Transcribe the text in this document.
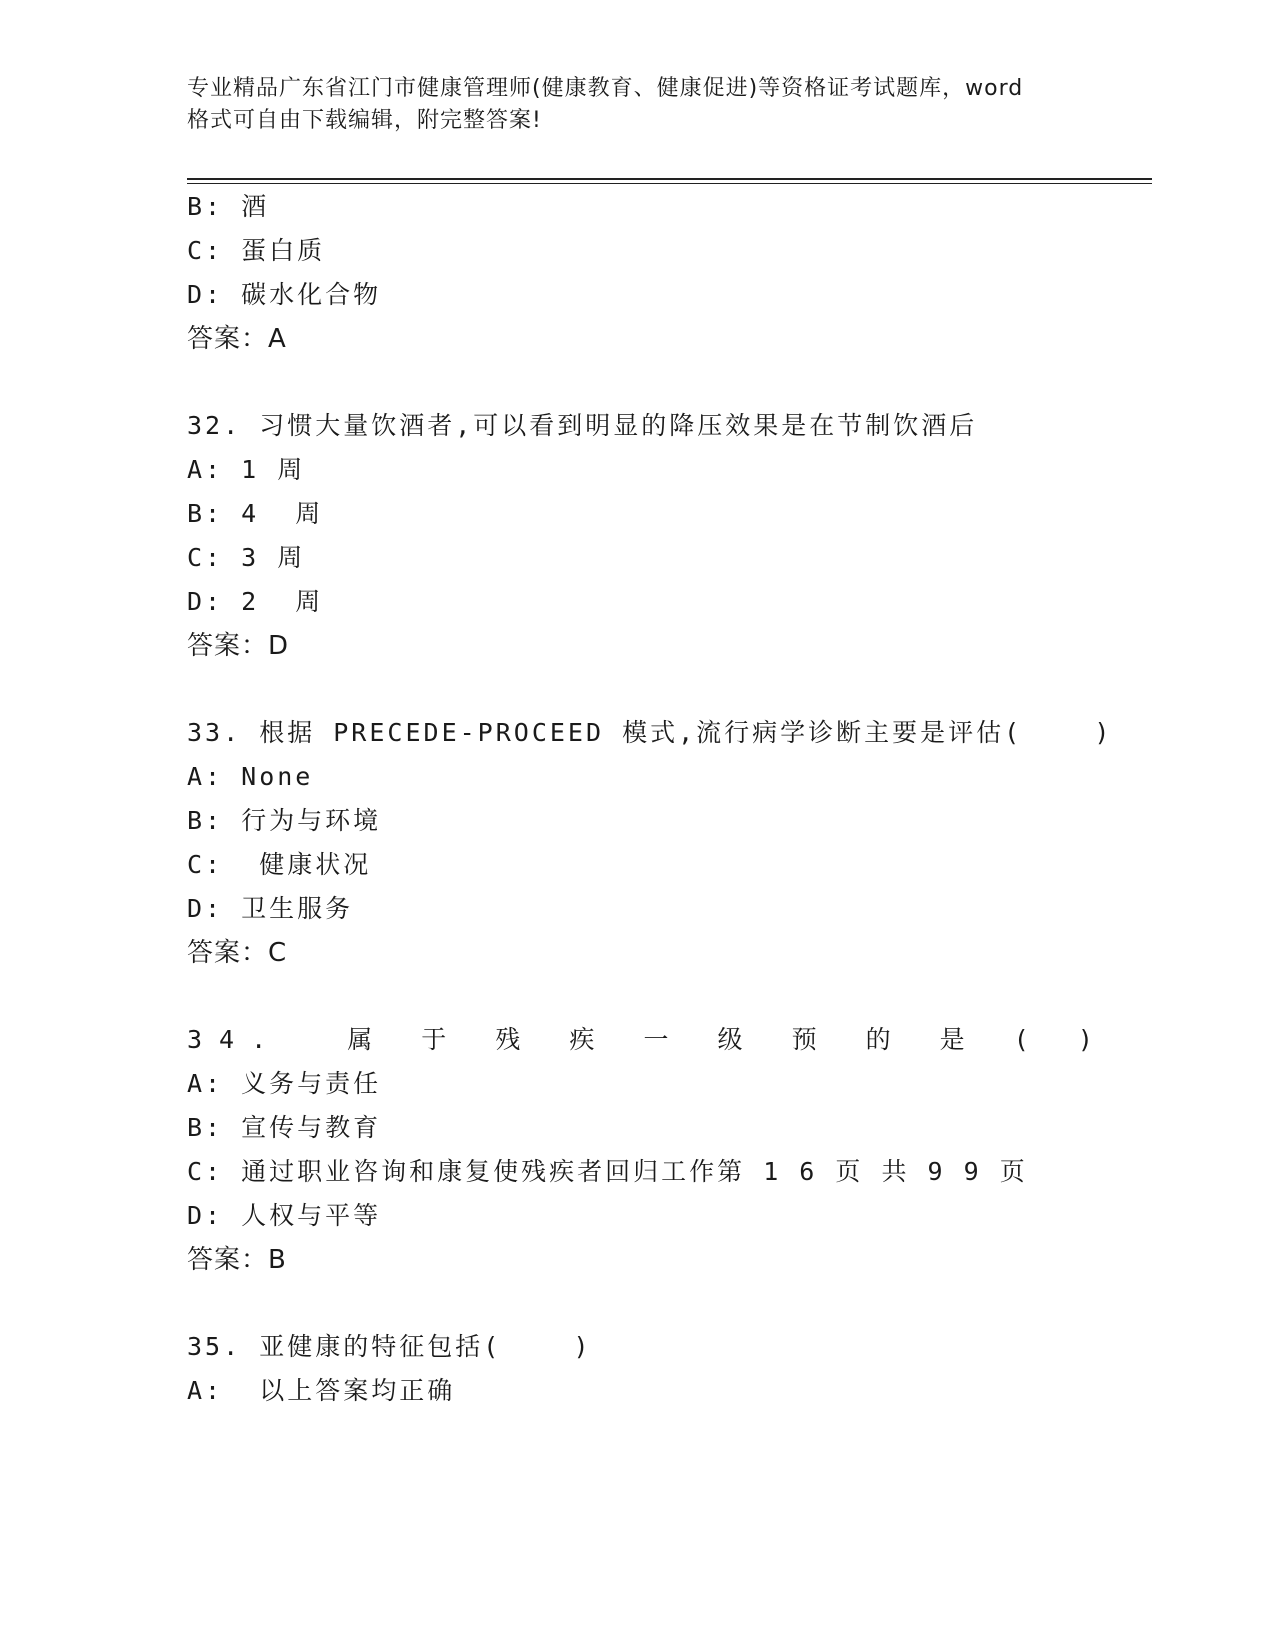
专业精品广东省江门市健康管理师(健康教育、健康促进)等资格证考试题库，word
格式可自由下载编辑，附完整答案!
B: 酒
C: 蛋白质
D: 碳水化合物
答案：A
32. 习惯大量饮酒者,可以看到明显的降压效果是在节制饮酒后
A: 1 周
B: 4  周
C: 3 周
D: 2  周
答案：D
33. 根据 PRECEDE-PROCEED 模式,流行病学诊断主要是评估(    )
A: None
B: 行为与环境
C:  健康状况
D: 卫生服务
答案：C
34.  属 于 残 疾 一 级 预 的 是 ( )
A: 义务与责任
B: 宣传与教育
C: 通过职业咨询和康复使残疾者回归工作第 1 6 页 共 9 9 页
D: 人权与平等
答案：B
35. 亚健康的特征包括(    )
A:  以上答案均正确
